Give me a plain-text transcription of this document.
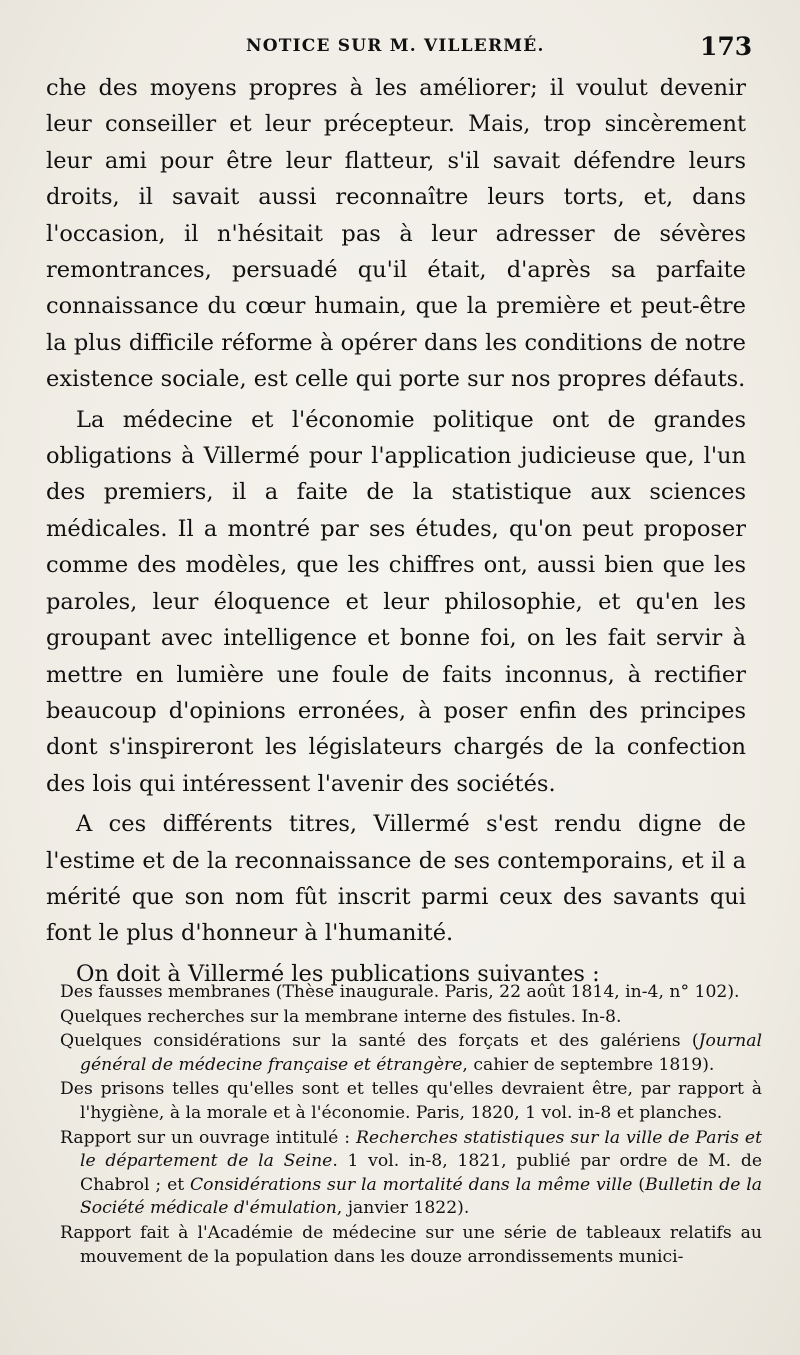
NOTICE SUR M. VILLERMÉ.	173

che des moyens propres à les améliorer; il voulut devenir leur conseiller et leur précepteur. Mais, trop sincèrement leur ami pour être leur flatteur, s'il savait défendre leurs droits, il savait aussi reconnaître leurs torts, et, dans l'occasion, il n'hésitait pas à leur adresser de sévères remontrances, persuadé qu'il était, d'après sa parfaite connaissance du cœur humain, que la première et peut-être la plus difficile réforme à opérer dans les conditions de notre existence sociale, est celle qui porte sur nos propres défauts.

La médecine et l'économie politique ont de grandes obligations à Villermé pour l'application judicieuse que, l'un des premiers, il a faite de la statistique aux sciences médicales. Il a montré par ses études, qu'on peut proposer comme des modèles, que les chiffres ont, aussi bien que les paroles, leur éloquence et leur philosophie, et qu'en les groupant avec intelligence et bonne foi, on les fait servir à mettre en lumière une foule de faits inconnus, à rectifier beaucoup d'opinions erronées, à poser enfin des principes dont s'inspireront les législateurs chargés de la confection des lois qui intéressent l'avenir des sociétés.

A ces différents titres, Villermé s'est rendu digne de l'estime et de la reconnaissance de ses contemporains, et il a mérité que son nom fût inscrit parmi ceux des savants qui font le plus d'honneur à l'humanité.

On doit à Villermé les publications suivantes :

Des fausses membranes (Thèse inaugurale. Paris, 22 août 1814, in-4, n° 102).

Quelques recherches sur la membrane interne des fistules. In-8.

Quelques considérations sur la santé des forçats et des galériens (Journal général de médecine française et étrangère, cahier de septembre 1819).

Des prisons telles qu'elles sont et telles qu'elles devraient être, par rapport à l'hygiène, à la morale et à l'économie. Paris, 1820, 1 vol. in-8 et planches.

Rapport sur un ouvrage intitulé : Recherches statistiques sur la ville de Paris et le département de la Seine. 1 vol. in-8, 1821, publié par ordre de M. de Chabrol ; et Considérations sur la mortalité dans la même ville (Bulletin de la Société médicale d'émulation, janvier 1822).

Rapport fait à l'Académie de médecine sur une série de tableaux relatifs au mouvement de la population dans les douze arrondissements munici-
